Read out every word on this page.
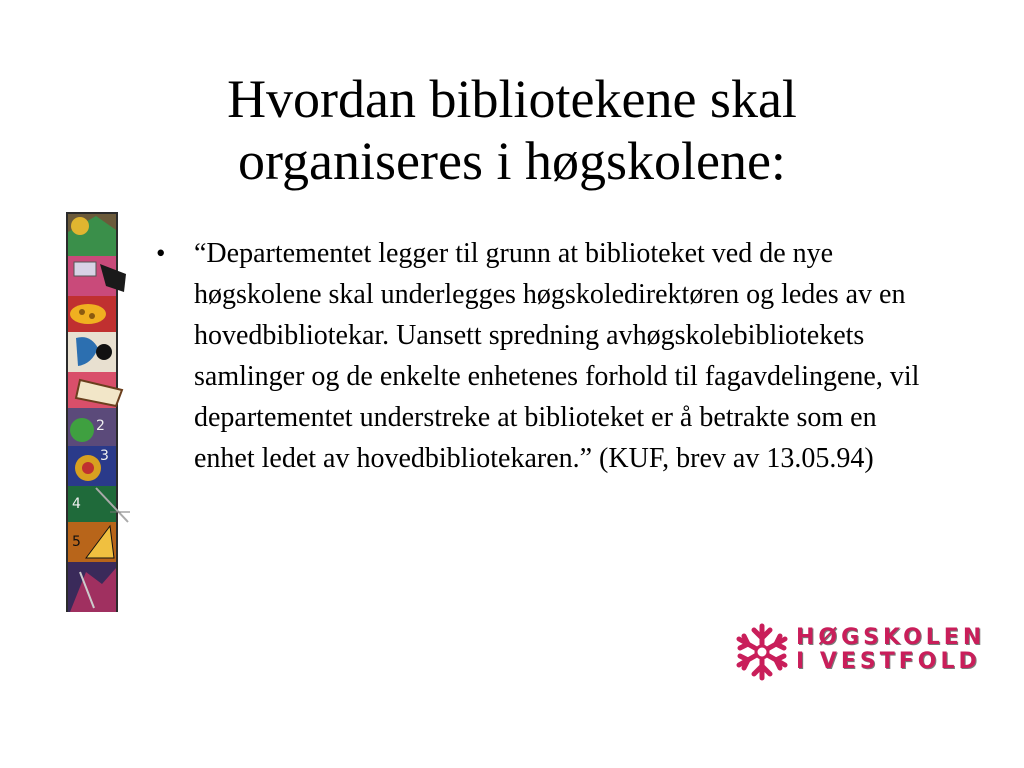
Hvordan bibliotekene skal
organiseres i høgskolene:
2
3
4
5
•	“Departementet legger til grunn at biblioteket ved de nye høgskolene skal underlegges høgskoledirektøren og ledes av en hovedbibliotekar. Uansett spredning avhøgskolebibliotekets samlinger og de enkelte enhetenes forhold til fagavdelingene, vil departementet understreke at biblioteket er å betrakte som en enhet ledet av hovedbibliotekaren.” (KUF, brev av 13.05.94)
HØGSKOLEN
I VESTFOLD
